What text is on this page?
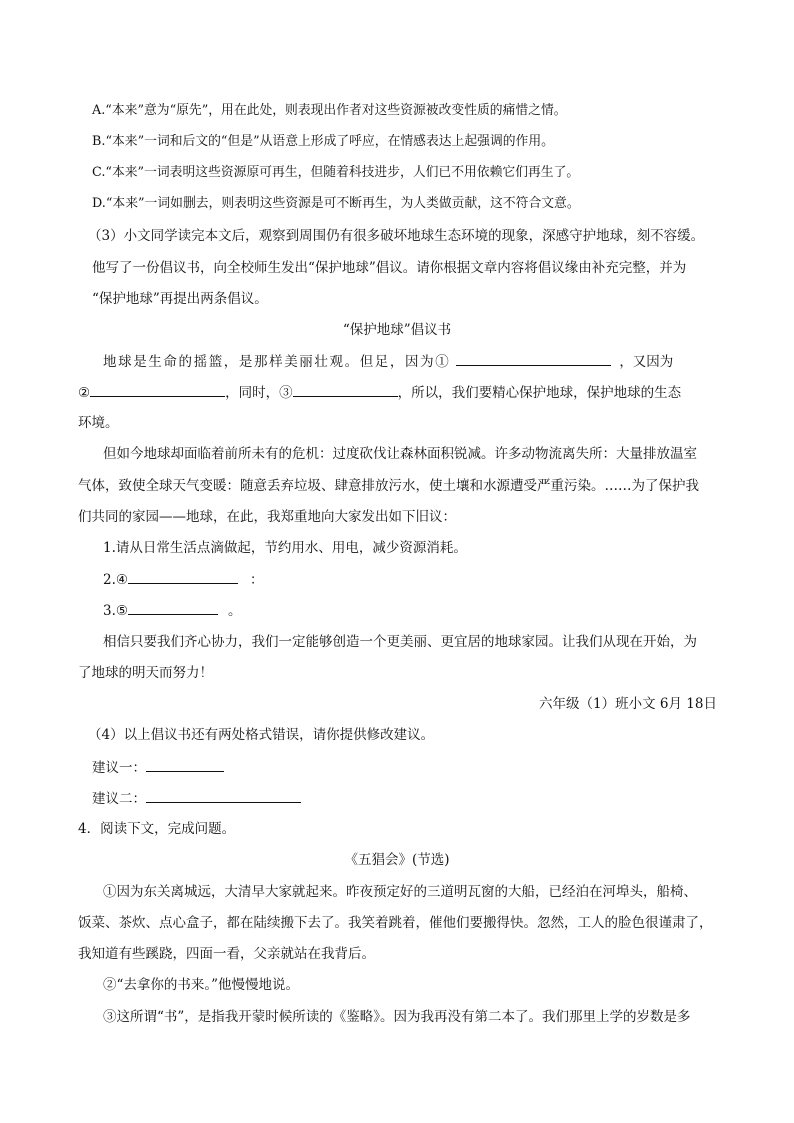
A.“本来”意为“原先”，用在此处，则表现出作者对这些资源被改变性质的痛惜之情。
B.“本来”一词和后文的“但是”从语意上形成了呼应，在情感表达上起强调的作用。
C.“本来”一词表明这些资源原可再生，但随着科技进步，人们已不用依赖它们再生了。
D.“本来”一词如删去，则表明这些资源是可不断再生，为人类做贡献，这不符合文意。
（3）小文同学读完本文后，观察到周围仍有很多破坏地球生态环境的现象，深感守护地球，刻不容缓。
他写了一份倡议书，向全校师生发出“保护地球”倡议。请你根据文章内容将倡议缘由补充完整，并为
“保护地球”再提出两条倡议。
“保护地球”倡议书
地球是生命的摇篮，是那样美丽壮观。但足，因为①	，又因为
②	，同时，③	，所以，我们要精心保护地球，保护地球的生态
环境。
但如今地球却面临着前所未有的危机：过度砍伐让森林面积锐减。许多动物流离失所：大量排放温室
气体，致使全球天气变暖：随意丢弃垃圾、肆意排放污水，使土壤和水源遭受严重污染。……为了保护我
们共同的家园——地球，在此，我郑重地向大家发出如下旧议：
1.请从日常生活点滴做起，节约用水、用电，减少资源消耗。
2.④	：
3.⑤	。
相信只要我们齐心协力，我们一定能够创造一个更美丽、更宜居的地球家园。让我们从现在开始，为
了地球的明天而努力！
六年级（1）班小文 6月 18日
（4）以上倡议书还有两处格式错误，请你提供修改建议。
建议一：
建议二：
4．阅读下文，完成问题。
《五猖会》(节选)
①因为东关离城远，大清早大家就起来。昨夜预定好的三道明瓦窗的大船，已经泊在河埠头，船椅、
饭菜、茶炊、点心盒子，都在陆续搬下去了。我笑着跳着，催他们要搬得快。忽然，工人的脸色很谨肃了，
我知道有些蹊跷，四面一看，父亲就站在我背后。
②“去拿你的书来。”他慢慢地说。
③这所谓“书”，是指我开蒙时候所读的《鉴略》。因为我再没有第二本了。我们那里上学的岁数是多
